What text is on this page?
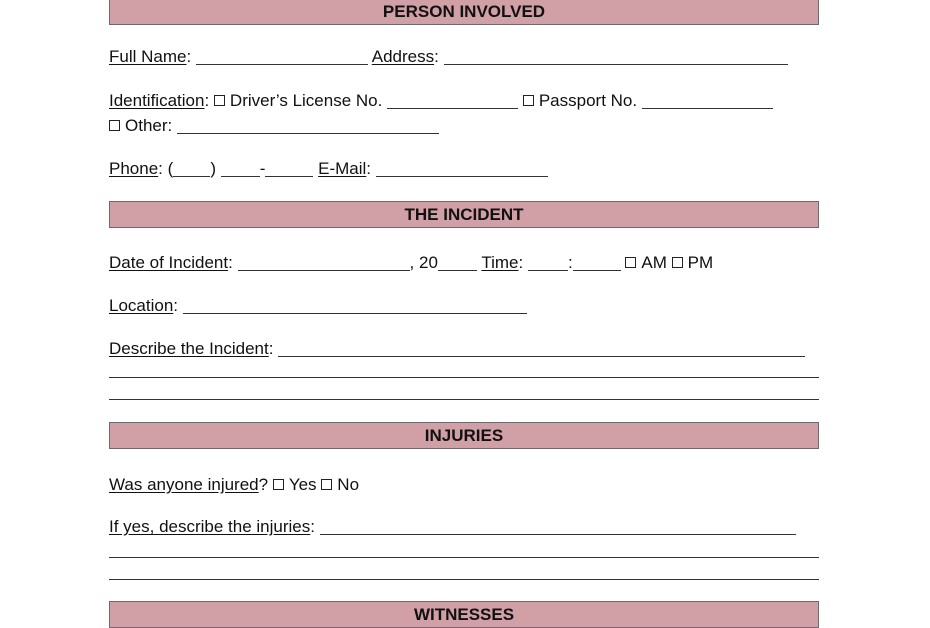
PERSON INVOLVED
Full Name:	Address:
Identification: Driver’s License No.	Passport No.
Other:
Phone: ( )	-	E-Mail:
THE INCIDENT
Date of Incident:	, 20	Time:	:	AM PM
Location:
Describe the Incident:
INJURIES
Was anyone injured? Yes No
If yes, describe the injuries:
WITNESSES
